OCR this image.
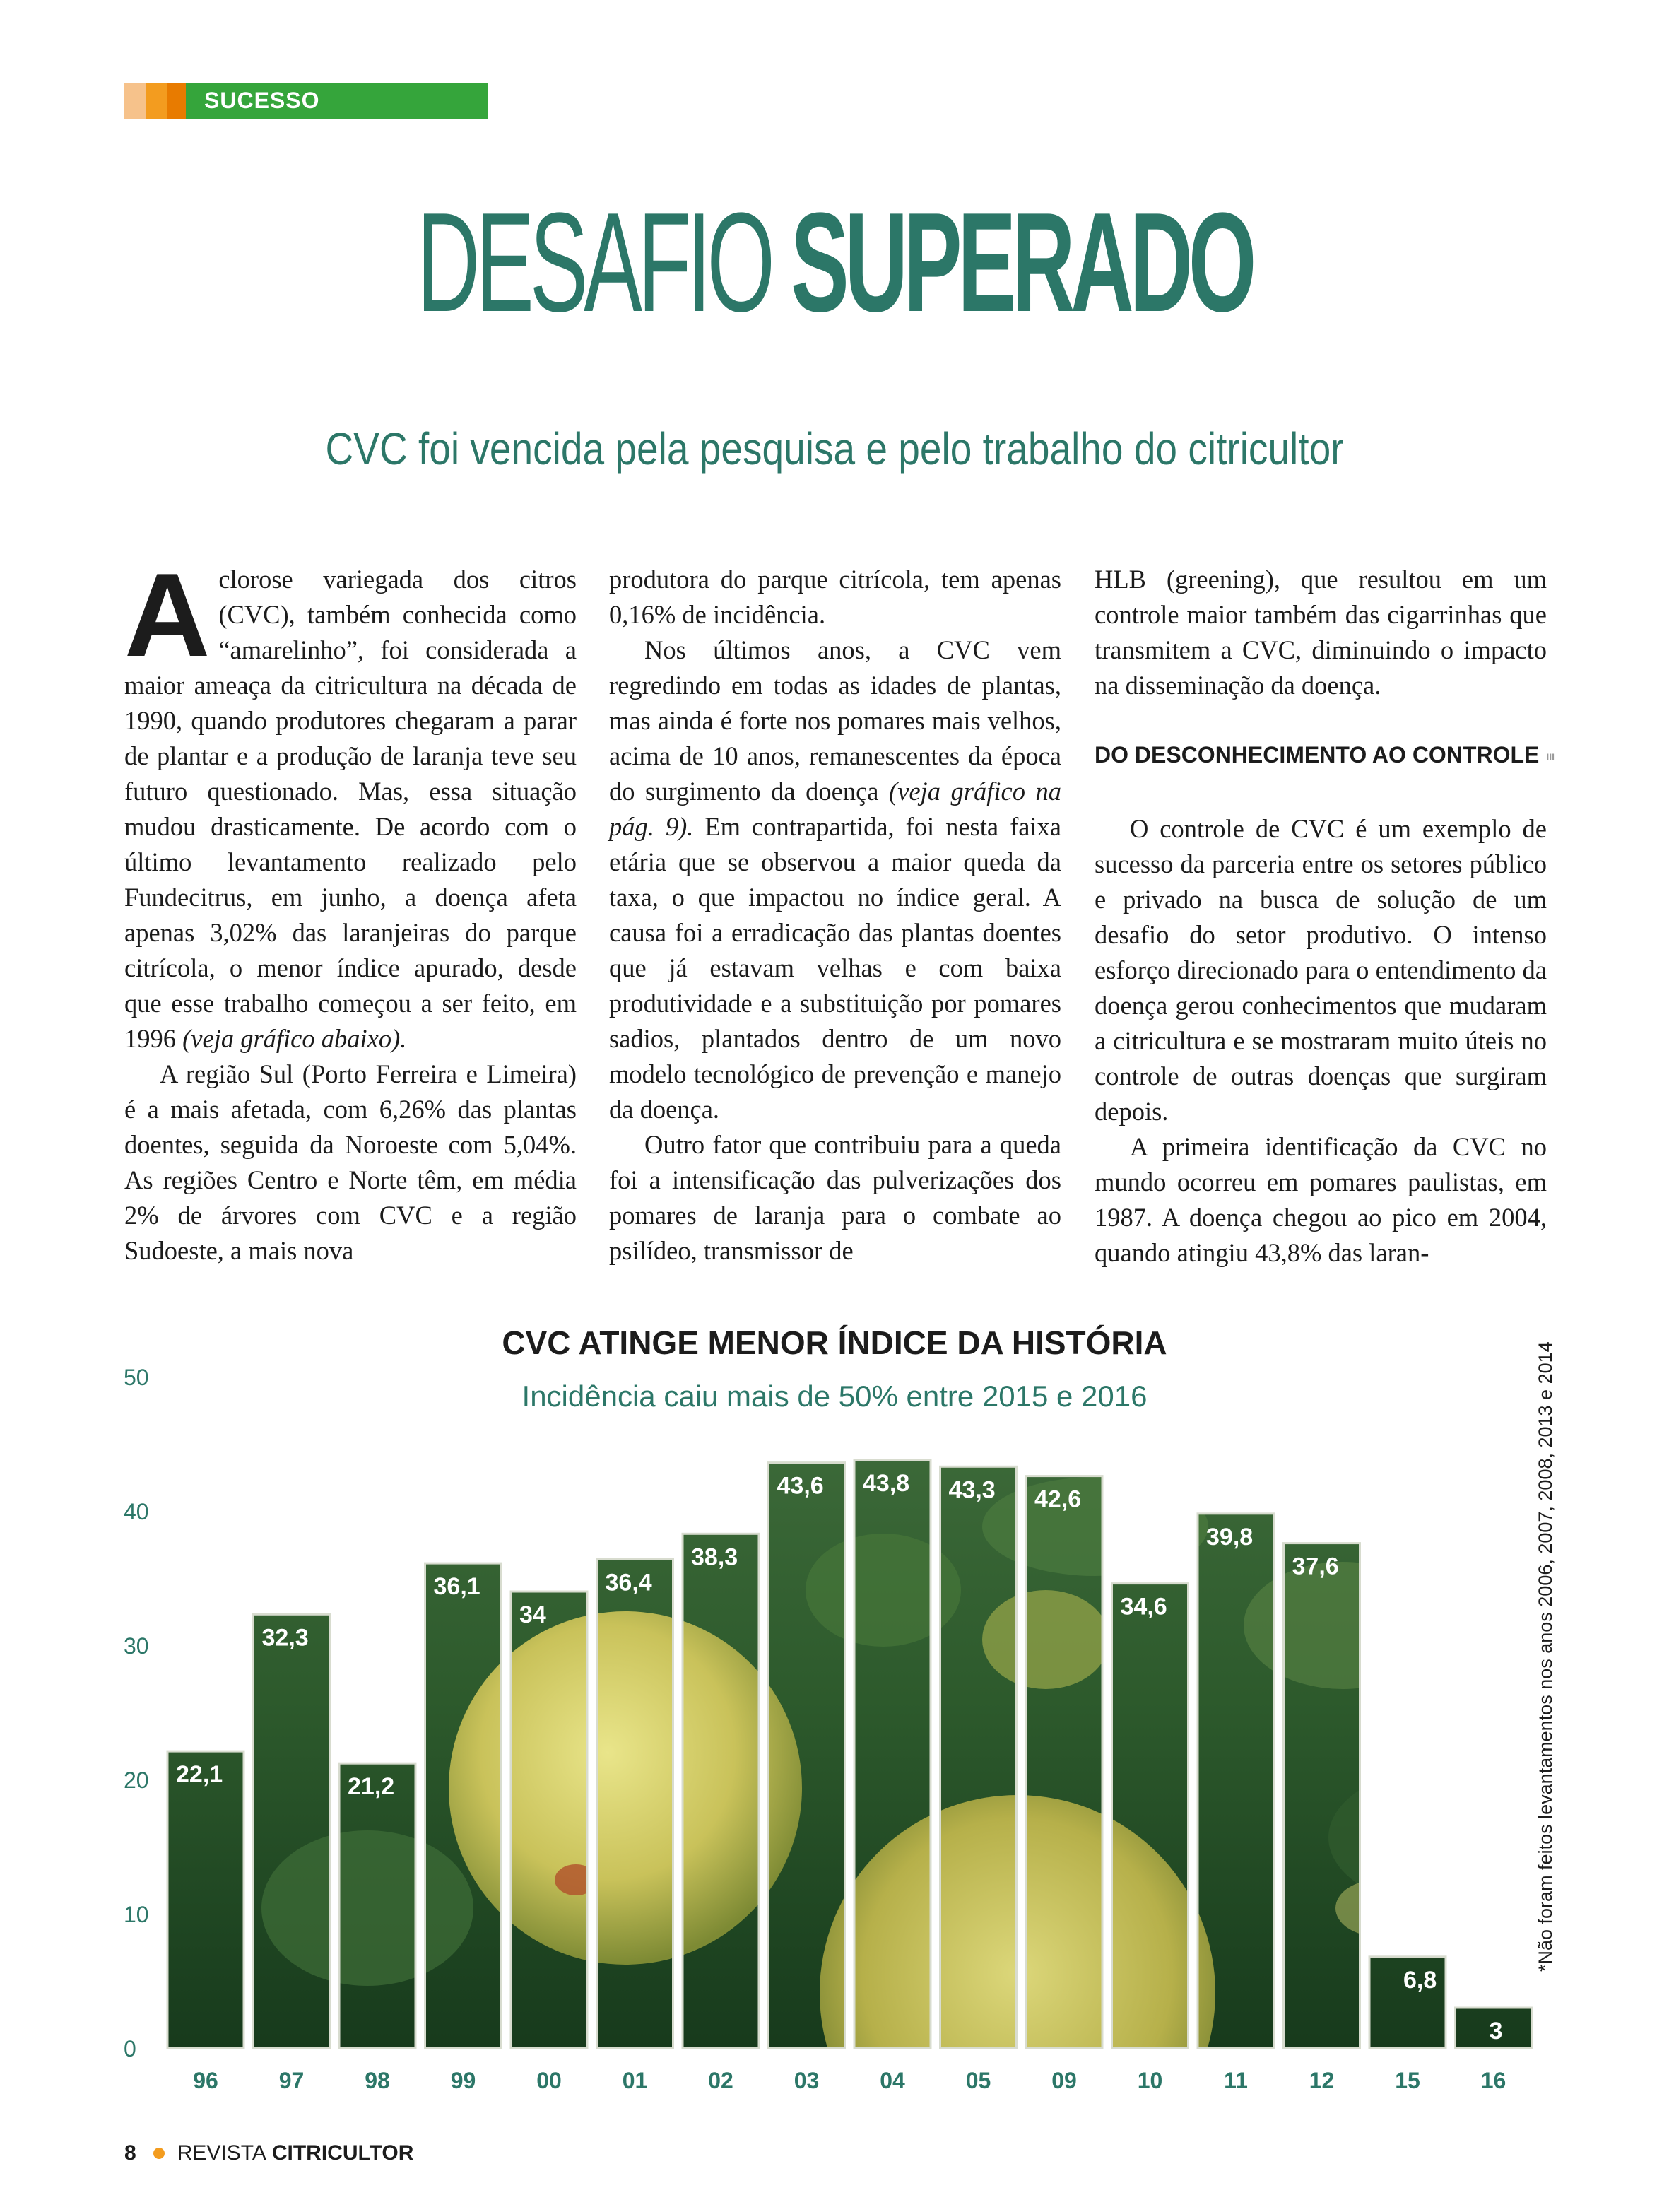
SUCESSO
DESAFIO SUPERADO
CVC foi vencida pela pesquisa e pelo trabalho do citricultor

Aclorose variegada dos citros (CVC), também conhecida como “amarelinho”, foi considerada a maior ameaça da citricultura na década de 1990, quando produtores chegaram a parar de plantar e a produção de laranja teve seu futuro questionado. Mas, essa situação mudou drasticamente. De acordo com o último levantamento realizado pelo Fundecitrus, em junho, a doença afeta apenas 3,02% das laranjeiras do parque citrícola, o menor índice apurado, desde que esse trabalho começou a ser feito, em 1996 (veja gráfico abaixo).

A região Sul (Porto Ferreira e Limeira) é a mais afetada, com 6,26% das plantas doentes, seguida da Noroeste com 5,04%. As regiões Centro e Norte têm, em média 2% de árvores com CVC e a região Sudoeste, a mais nova

produtora do parque citrícola, tem apenas 0,16% de incidência.

Nos últimos anos, a CVC vem regredindo em todas as idades de plantas, mas ainda é forte nos pomares mais velhos, acima de 10 anos, remanescentes da época do surgimento da doença (veja gráfico na pág. 9). Em contrapartida, foi nesta faixa etária que se observou a maior queda da taxa, o que impactou no índice geral. A causa foi a erradicação das plantas doentes que já estavam velhas e com baixa produtividade e a substituição por pomares sadios, plantados dentro de um novo modelo tecnológico de prevenção e manejo da doença.

Outro fator que contribuiu para a queda foi a intensificação das pulverizações dos pomares de laranja para o combate ao psilídeo, transmissor de

HLB (greening), que resultou em um controle maior também das cigarrinhas que transmitem a CVC, diminuindo o impacto na disseminação da doença.

DO DESCONHECIMENTO AO CONTROLE III

O controle de CVC é um exemplo de sucesso da parceria entre os setores público e privado na busca de solução de um desafio do setor produtivo. O intenso esforço direcionado para o entendimento da doença gerou conhecimentos que mudaram a citricultura e se mostraram muito úteis no controle de outras doenças que surgiram depois.

A primeira identificação da CVC no mundo ocorreu em pomares paulistas, em 1987. A doença chegou ao pico em 2004, quando atingiu 43,8% das laran-

CVC ATINGE MENOR ÍNDICE DA HISTÓRIA
Incidência caiu mais de 50% entre 2015 e 2016
0
10
20
30
40
50
22,1
32,3
21,2
36,1
34
36,4
38,3
43,6 43,8 43,3 42,6
34,6
39,8
37,6
6,8
3
96	97	98	99	00	01	02	03	04	05	09	10	11	12	15	16
*Não foram feitos levantamentos nos anos 2006, 2007, 2008, 2013 e 2014
8 REVISTA CITRICULTOR
